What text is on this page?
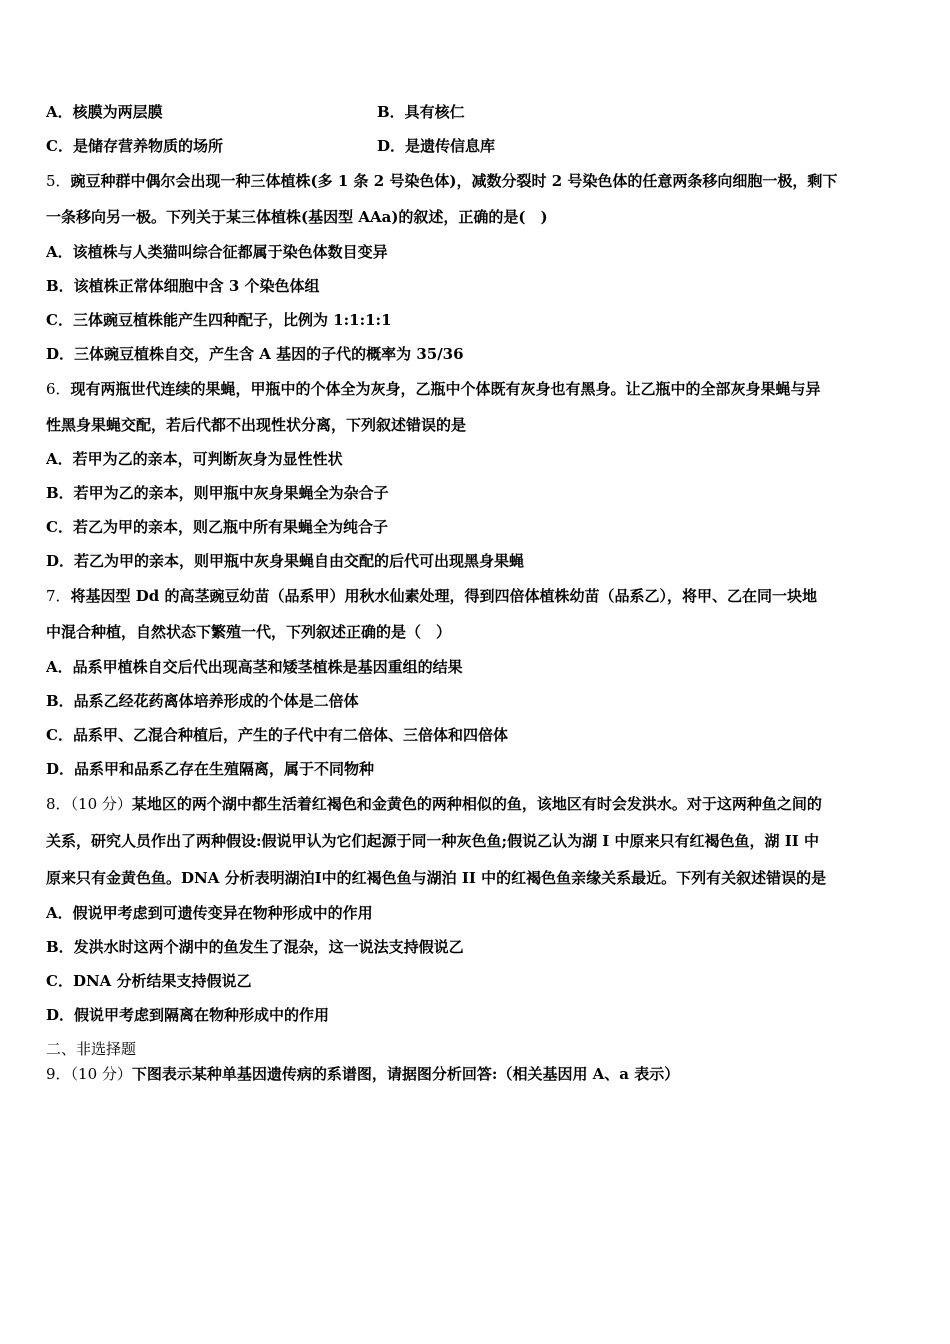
A．核膜为两层膜	B．具有核仁
C．是储存营养物质的场所	D．是遗传信息库
5．豌豆种群中偶尔会出现一种三体植株(多 1 条 2 号染色体)，减数分裂时 2 号染色体的任意两条移向细胞一极，剩下
一条移向另一极。下列关于某三体植株(基因型 AAa)的叙述，正确的是(　)
A．该植株与人类猫叫综合征都属于染色体数目变异
B．该植株正常体细胞中含 3 个染色体组
C．三体豌豆植株能产生四种配子，比例为 1:1:1:1
D．三体豌豆植株自交，产生含 A 基因的子代的概率为 35/36
6．现有两瓶世代连续的果蝇，甲瓶中的个体全为灰身，乙瓶中个体既有灰身也有黑身。让乙瓶中的全部灰身果蝇与异
性黑身果蝇交配，若后代都不出现性状分离，下列叙述错误的是
A．若甲为乙的亲本，可判断灰身为显性性状
B．若甲为乙的亲本，则甲瓶中灰身果蝇全为杂合子
C．若乙为甲的亲本，则乙瓶中所有果蝇全为纯合子
D．若乙为甲的亲本，则甲瓶中灰身果蝇自由交配的后代可出现黑身果蝇
7．将基因型 Dd 的高茎豌豆幼苗（品系甲）用秋水仙素处理，得到四倍体植株幼苗（品系乙），将甲、乙在同一块地
中混合种植，自然状态下繁殖一代，下列叙述正确的是（　）
A．品系甲植株自交后代出现高茎和矮茎植株是基因重组的结果
B．品系乙经花药离体培养形成的个体是二倍体
C．品系甲、乙混合种植后，产生的子代中有二倍体、三倍体和四倍体
D．品系甲和品系乙存在生殖隔离，属于不同物种
8．（10 分）某地区的两个湖中都生活着红褐色和金黄色的两种相似的鱼，该地区有时会发洪水。对于这两种鱼之间的
关系，研究人员作出了两种假设:假说甲认为它们起源于同一种灰色鱼;假说乙认为湖 I 中原来只有红褐色鱼，湖 II 中
原来只有金黄色鱼。DNA 分析表明湖泊Ⅰ中的红褐色鱼与湖泊 II 中的红褐色鱼亲缘关系最近。下列有关叙述错误的是
A．假说甲考虑到可遗传变异在物种形成中的作用
B．发洪水时这两个湖中的鱼发生了混杂，这一说法支持假说乙
C．DNA 分析结果支持假说乙
D．假说甲考虑到隔离在物种形成中的作用
二、非选择题
9．（10 分）下图表示某种单基因遗传病的系谱图，请据图分析回答:（相关基因用 A、a 表示）
